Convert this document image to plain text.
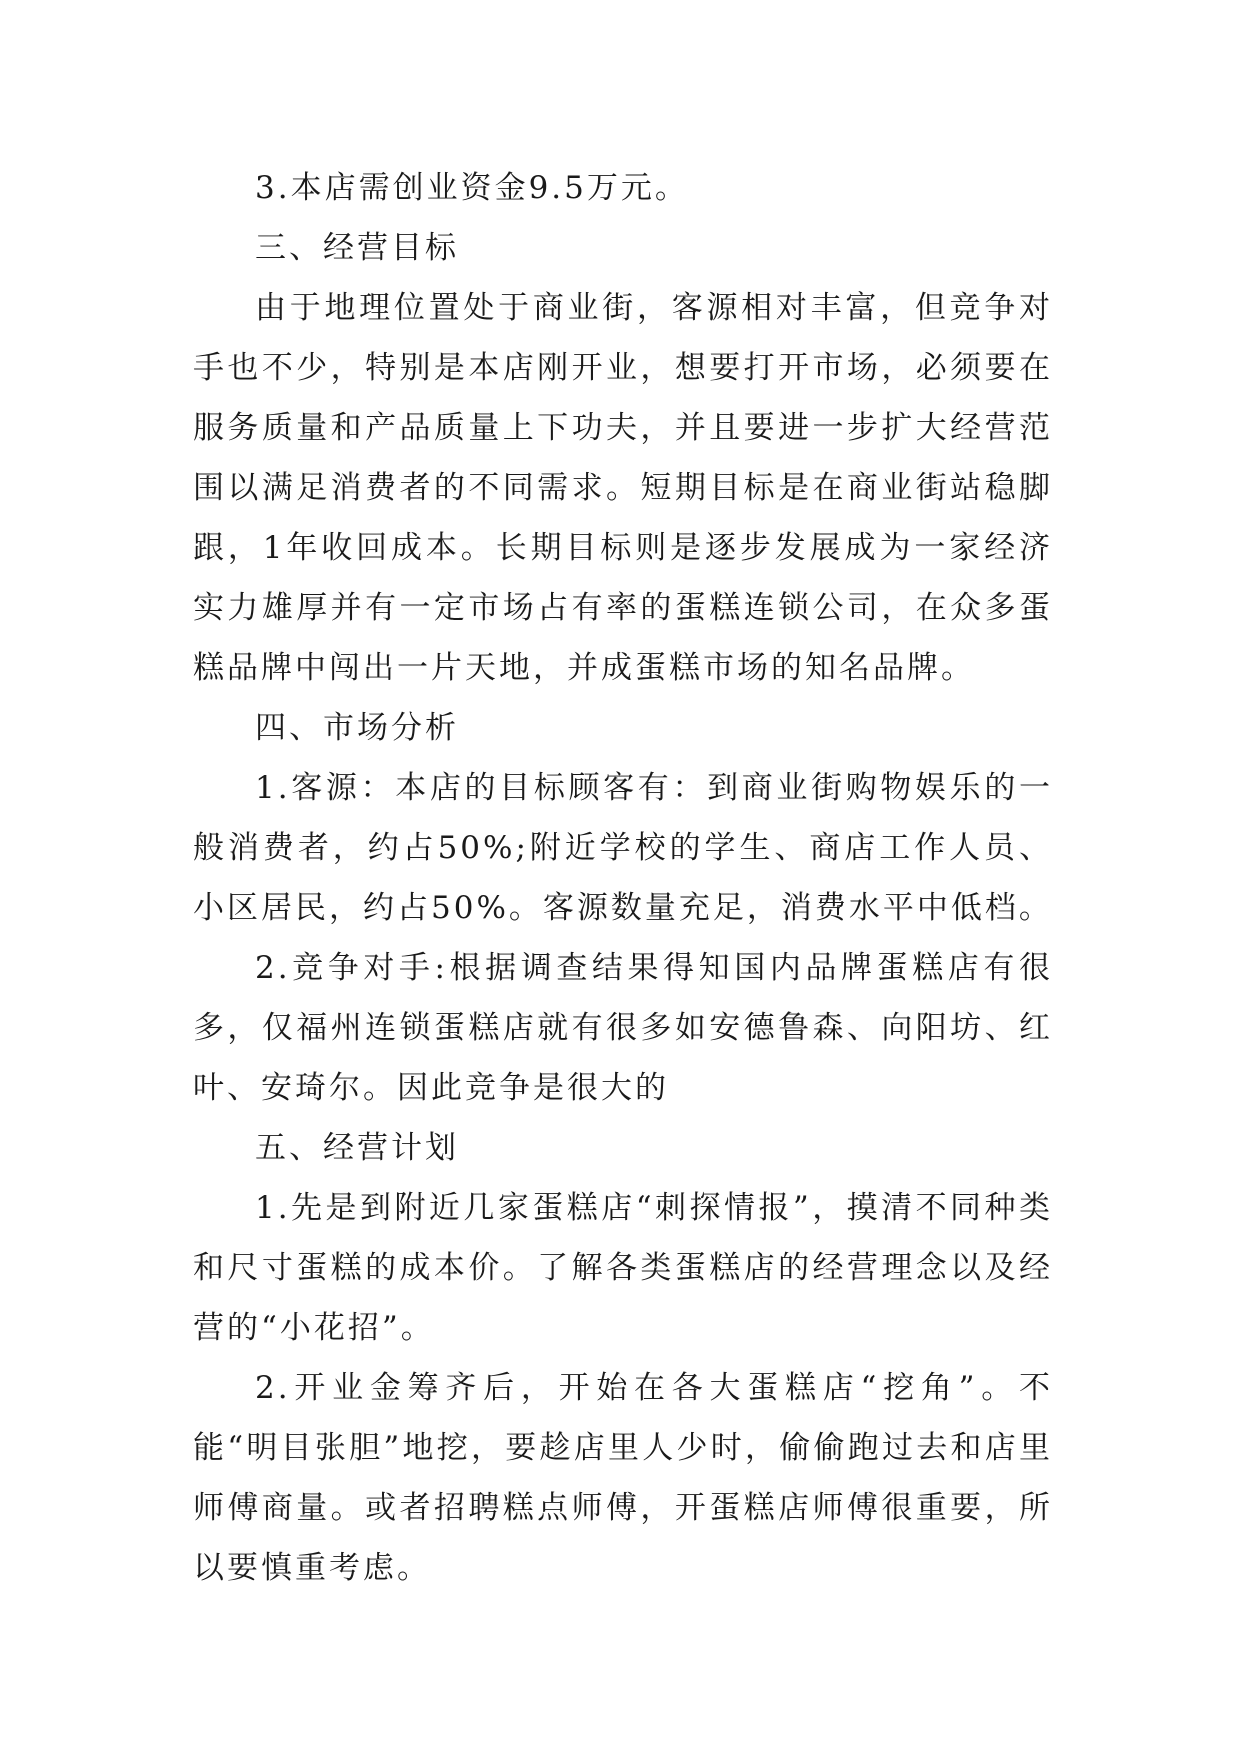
3.本店需创业资金9.5万元。

三、经营目标

由于地理位置处于商业街，客源相对丰富，但竞争对手也不少，特别是本店刚开业，想要打开市场，必须要在服务质量和产品质量上下功夫，并且要进一步扩大经营范围以满足消费者的不同需求。短期目标是在商业街站稳脚跟，1年收回成本。长期目标则是逐步发展成为一家经济实力雄厚并有一定市场占有率的蛋糕连锁公司，在众多蛋糕品牌中闯出一片天地，并成蛋糕市场的知名品牌。

四、市场分析

1.客源：本店的目标顾客有：到商业街购物娱乐的一般消费者，约占50%;附近学校的学生、商店工作人员、小区居民，约占50%。客源数量充足，消费水平中低档。

2.竞争对手:根据调查结果得知国内品牌蛋糕店有很多，仅福州连锁蛋糕店就有很多如安德鲁森、向阳坊、红叶、安琦尔。因此竞争是很大的

五、经营计划

1.先是到附近几家蛋糕店“刺探情报”，摸清不同种类和尺寸蛋糕的成本价。了解各类蛋糕店的经营理念以及经营的“小花招”。

2.开业金筹齐后，开始在各大蛋糕店“挖角”。不能“明目张胆”地挖，要趁店里人少时，偷偷跑过去和店里师傅商量。或者招聘糕点师傅，开蛋糕店师傅很重要，所以要慎重考虑。
